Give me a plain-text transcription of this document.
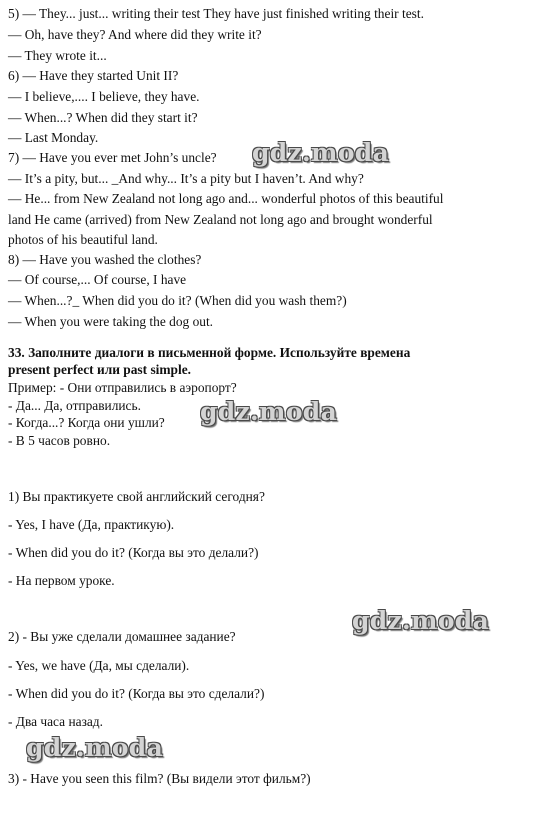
5) — They... just... writing their test They have just finished writing their test.
— Oh, have they? And where did they write it?
— They wrote it...
6) — Have they started Unit II?
— I believe,.... I believe, they have.
— When...? When did they start it?
— Last Monday.
7) — Have you ever met John’s uncle?
— It’s a pity, but... _And why... It’s a pity but I haven’t. And why?
— He... from New Zealand not long ago and... wonderful photos of this beautiful
land He came (arrived) from New Zealand not long ago and brought wonderful
photos of his beautiful land.
8) — Have you washed the clothes?
— Of course,... Of course, I have
— When...?_ When did you do it? (When did you wash them?)
— When you were taking the dog out.
33. Заполните диалоги в письменной форме. Используйте времена
present perfect или past simple.
Пример: - Они отправились в аэропорт?
- Да... Да, отправились.
- Когда...? Когда они ушли?
- В 5 часов ровно.
1) Вы практикуете свой английский сегодня?
- Yes, I have (Да, практикую).
- When did you do it? (Когда вы это делали?)
- На первом уроке.
2) - Вы уже сделали домашнее задание?
- Yes, we have (Да, мы сделали).
- When did you do it? (Когда вы это сделали?)
- Два часа назад.
3) - Have you seen this film? (Вы видели этот фильм?)
gdz.moda
gdz.moda
gdz.moda
gdz.moda
